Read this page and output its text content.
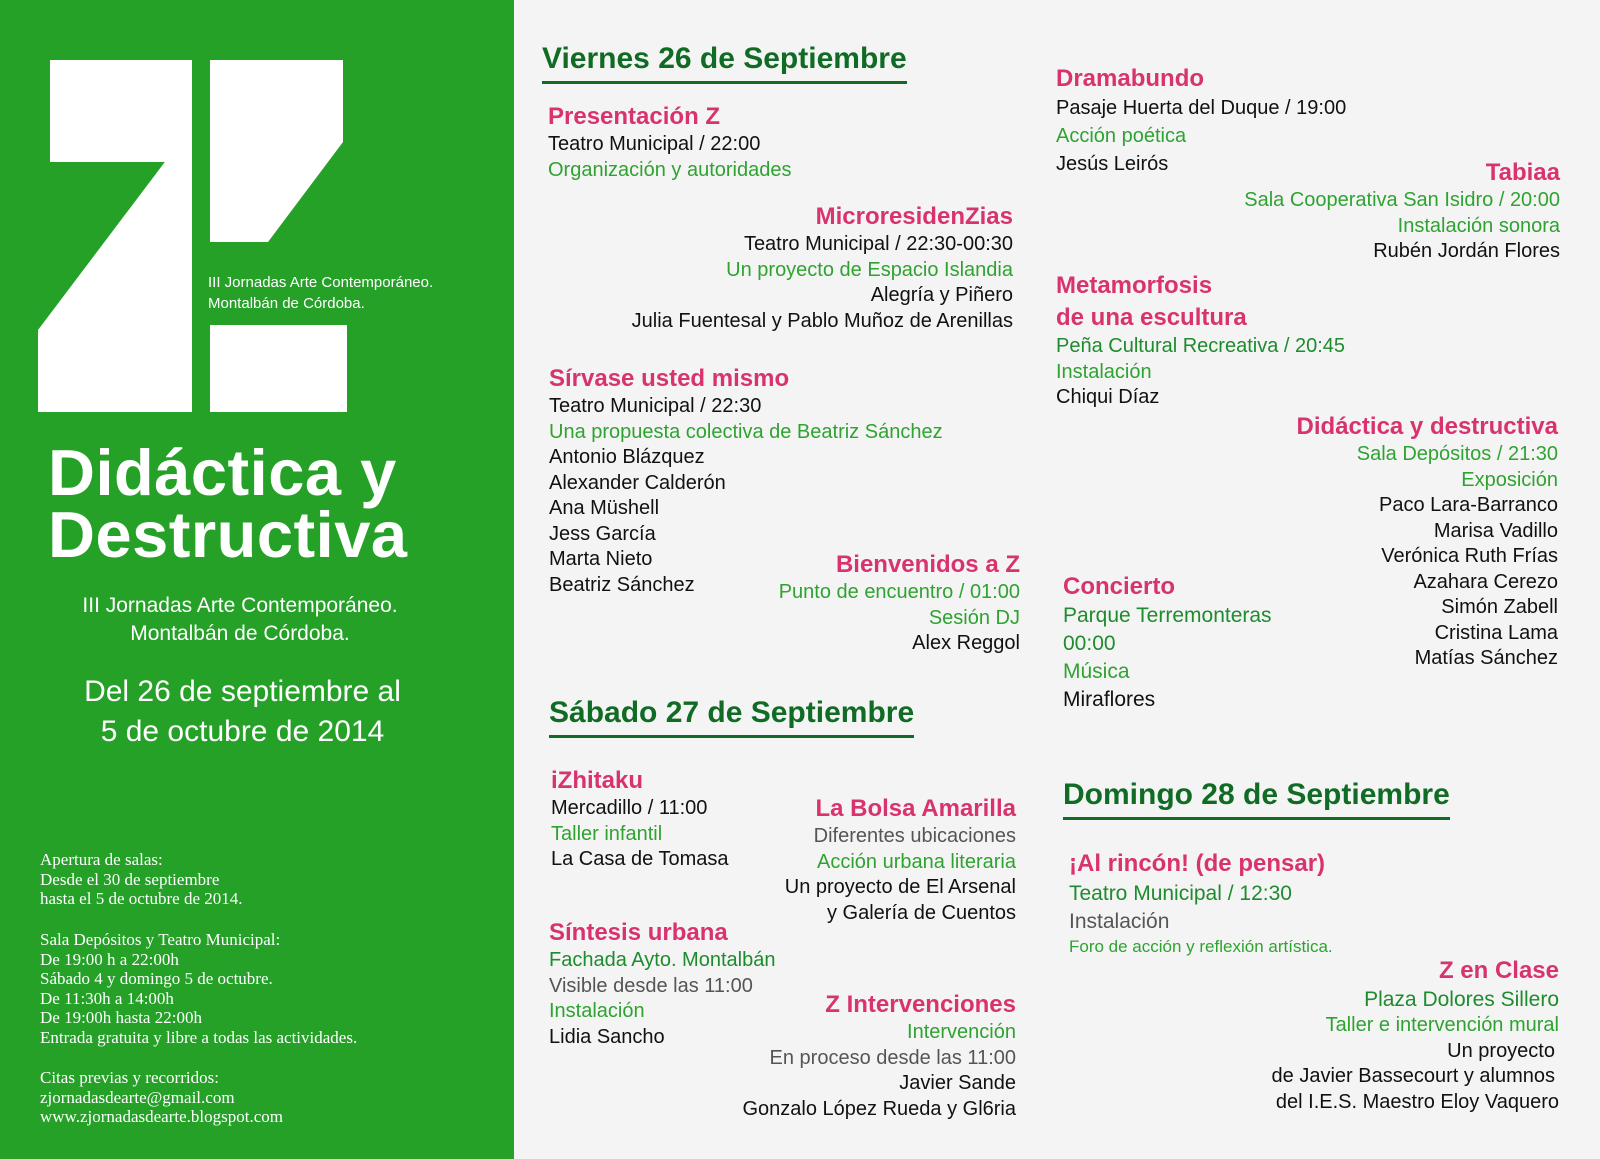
III Jornadas Arte Contemporáneo.
Montalbán de Córdoba.
Didáctica y
Destructiva
III Jornadas Arte Contemporáneo.
Montalbán de Córdoba.
Del 26 de septiembre al
5 de octubre de 2014
Apertura de salas:
Desde el 30 de septiembre
hasta el 5 de octubre de 2014.
Sala Depósitos y Teatro Municipal:
De 19:00 h a 22:00h
Sábado 4 y domingo 5 de octubre.
De 11:30h a 14:00h
De 19:00h hasta 22:00h
Entrada gratuita y libre a todas las actividades.
Citas previas y recorridos:
zjornadasdearte@gmail.com
www.zjornadasdearte.blogspot.com
Viernes 26 de Septiembre
Sábado 27 de Septiembre
Domingo 28 de Septiembre
Presentación Z
Teatro Municipal / 22:00
Organización y autoridades
MicroresidenZias
Teatro Municipal / 22:30-00:30
Un proyecto de Espacio Islandia
Alegría y Piñero
Julia Fuentesal y Pablo Muñoz de Arenillas
Sírvase usted mismo
Teatro Municipal / 22:30
Una propuesta colectiva de Beatriz Sánchez
Antonio Blázquez
Alexander Calderón
Ana Müshell
Jess García
Marta Nieto
Beatriz Sánchez
Bienvenidos a Z
Punto de encuentro / 01:00
Sesión DJ
Alex Reggol
Dramabundo
Pasaje Huerta del Duque / 19:00
Acción poética
Jesús Leirós	Tabiaa
Sala Cooperativa San Isidro / 20:00
Instalación sonora
Rubén Jordán Flores
Metamorfosis
de una escultura
Peña Cultural Recreativa / 20:45
Instalación
Chiqui Díaz
Didáctica y destructiva
Sala Depósitos / 21:30
Exposición
Paco Lara-Barranco
Marisa Vadillo
Verónica Ruth Frías
Azahara Cerezo
Simón Zabell
Cristina Lama
Matías Sánchez
Concierto
Parque Terremonteras
00:00
Música
Miraflores
iZhitaku
Mercadillo / 11:00
Taller infantil
La Casa de Tomasa
La Bolsa Amarilla
Diferentes ubicaciones
Acción urbana literaria
Un proyecto de El Arsenal
y Galería de Cuentos
Síntesis urbana
Fachada Ayto. Montalbán
Visible desde las 11:00
Instalación
Lidia Sancho
Z Intervenciones
Intervención
En proceso desde las 11:00
Javier Sande
Gonzalo López Rueda y Gl6ria
¡Al rincón! (de pensar)
Teatro Municipal / 12:30
Instalación
Foro de acción y reflexión artística.
Z en Clase
Plaza Dolores Sillero
Taller e intervención mural
Un proyecto
de Javier Bassecourt y alumnos
del I.E.S. Maestro Eloy Vaquero
